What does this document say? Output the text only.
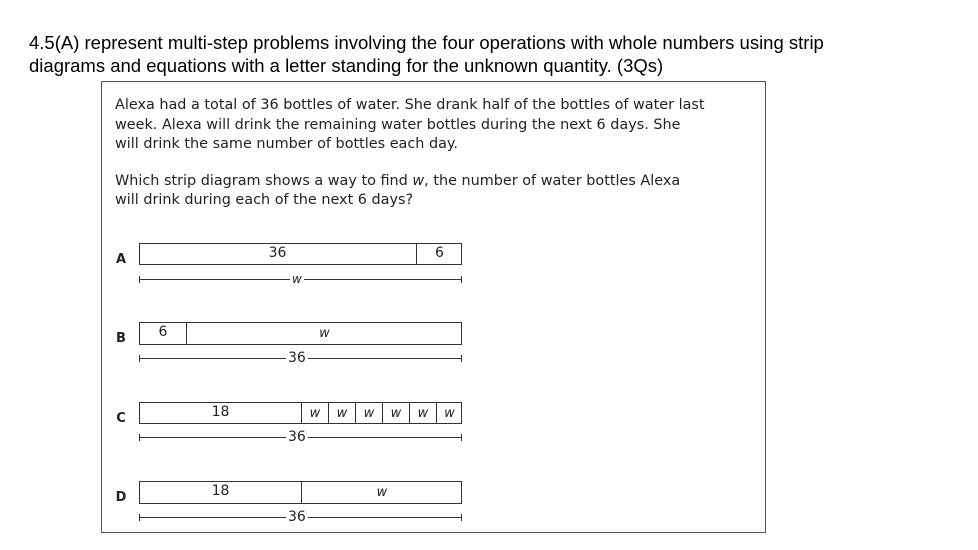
4.5(A) represent multi-step problems involving the four operations with whole numbers using strip
diagrams and equations with a letter standing for the unknown quantity. (3Qs)
Alexa had a total of 36 bottles of water. She drank half of the bottles of water last
week. Alexa will drink the remaining water bottles during the next 6 days. She
will drink the same number of bottles each day.
Which strip diagram shows a way to find w, the number of water bottles Alexa
will drink during each of the next 6 days?
A	36	6
w
B	6	w
36
C	18	w	w	w	w	w	w
36
D	18	w
36
